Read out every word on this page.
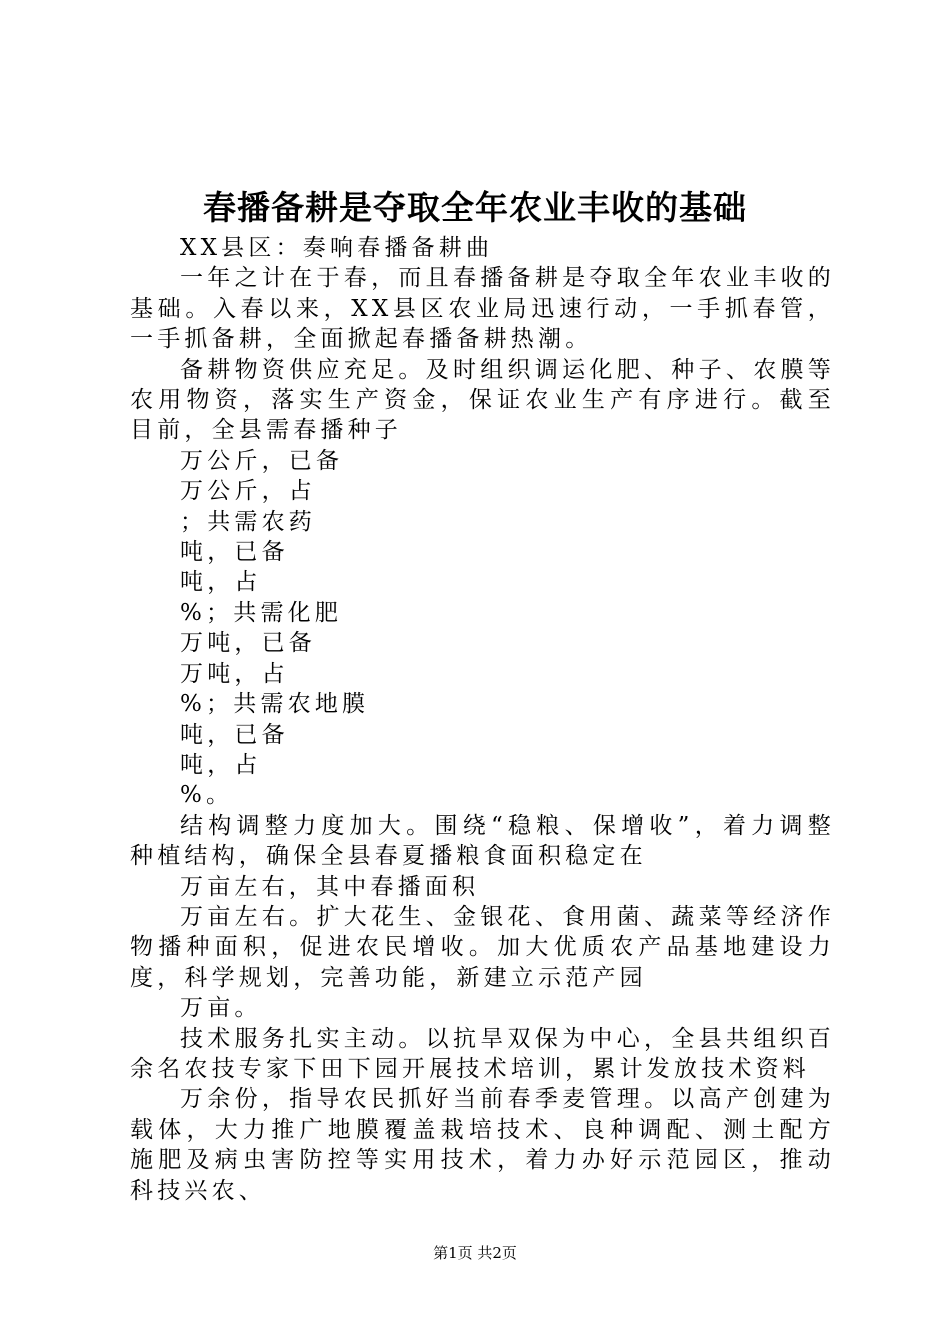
春播备耕是夺取全年农业丰收的基础

XX县区：奏响春播备耕曲

一年之计在于春，而且春播备耕是夺取全年农业丰收的基础。入春以来，XX县区农业局迅速行动，一手抓春管，一手抓备耕，全面掀起春播备耕热潮。

备耕物资供应充足。及时组织调运化肥、种子、农膜等农用物资，落实生产资金，保证农业生产有序进行。截至目前，全县需春播种子

万公斤，已备

万公斤，占

；共需农药

吨，已备

吨，占

%；共需化肥

万吨，已备

万吨，占

%；共需农地膜

吨，已备

吨，占

%。

结构调整力度加大。围绕“稳粮、保增收”，着力调整种植结构，确保全县春夏播粮食面积稳定在

万亩左右，其中春播面积

万亩左右。扩大花生、金银花、食用菌、蔬菜等经济作物播种面积，促进农民增收。加大优质农产品基地建设力度，科学规划，完善功能，新建立示范产园

万亩。

技术服务扎实主动。以抗旱双保为中心，全县共组织百余名农技专家下田下园开展技术培训，累计发放技术资料

万余份，指导农民抓好当前春季麦管理。以高产创建为载体，大力推广地膜覆盖栽培技术、良种调配、测土配方施肥及病虫害防控等实用技术，着力办好示范园区，推动科技兴农、

第1页 共2页
